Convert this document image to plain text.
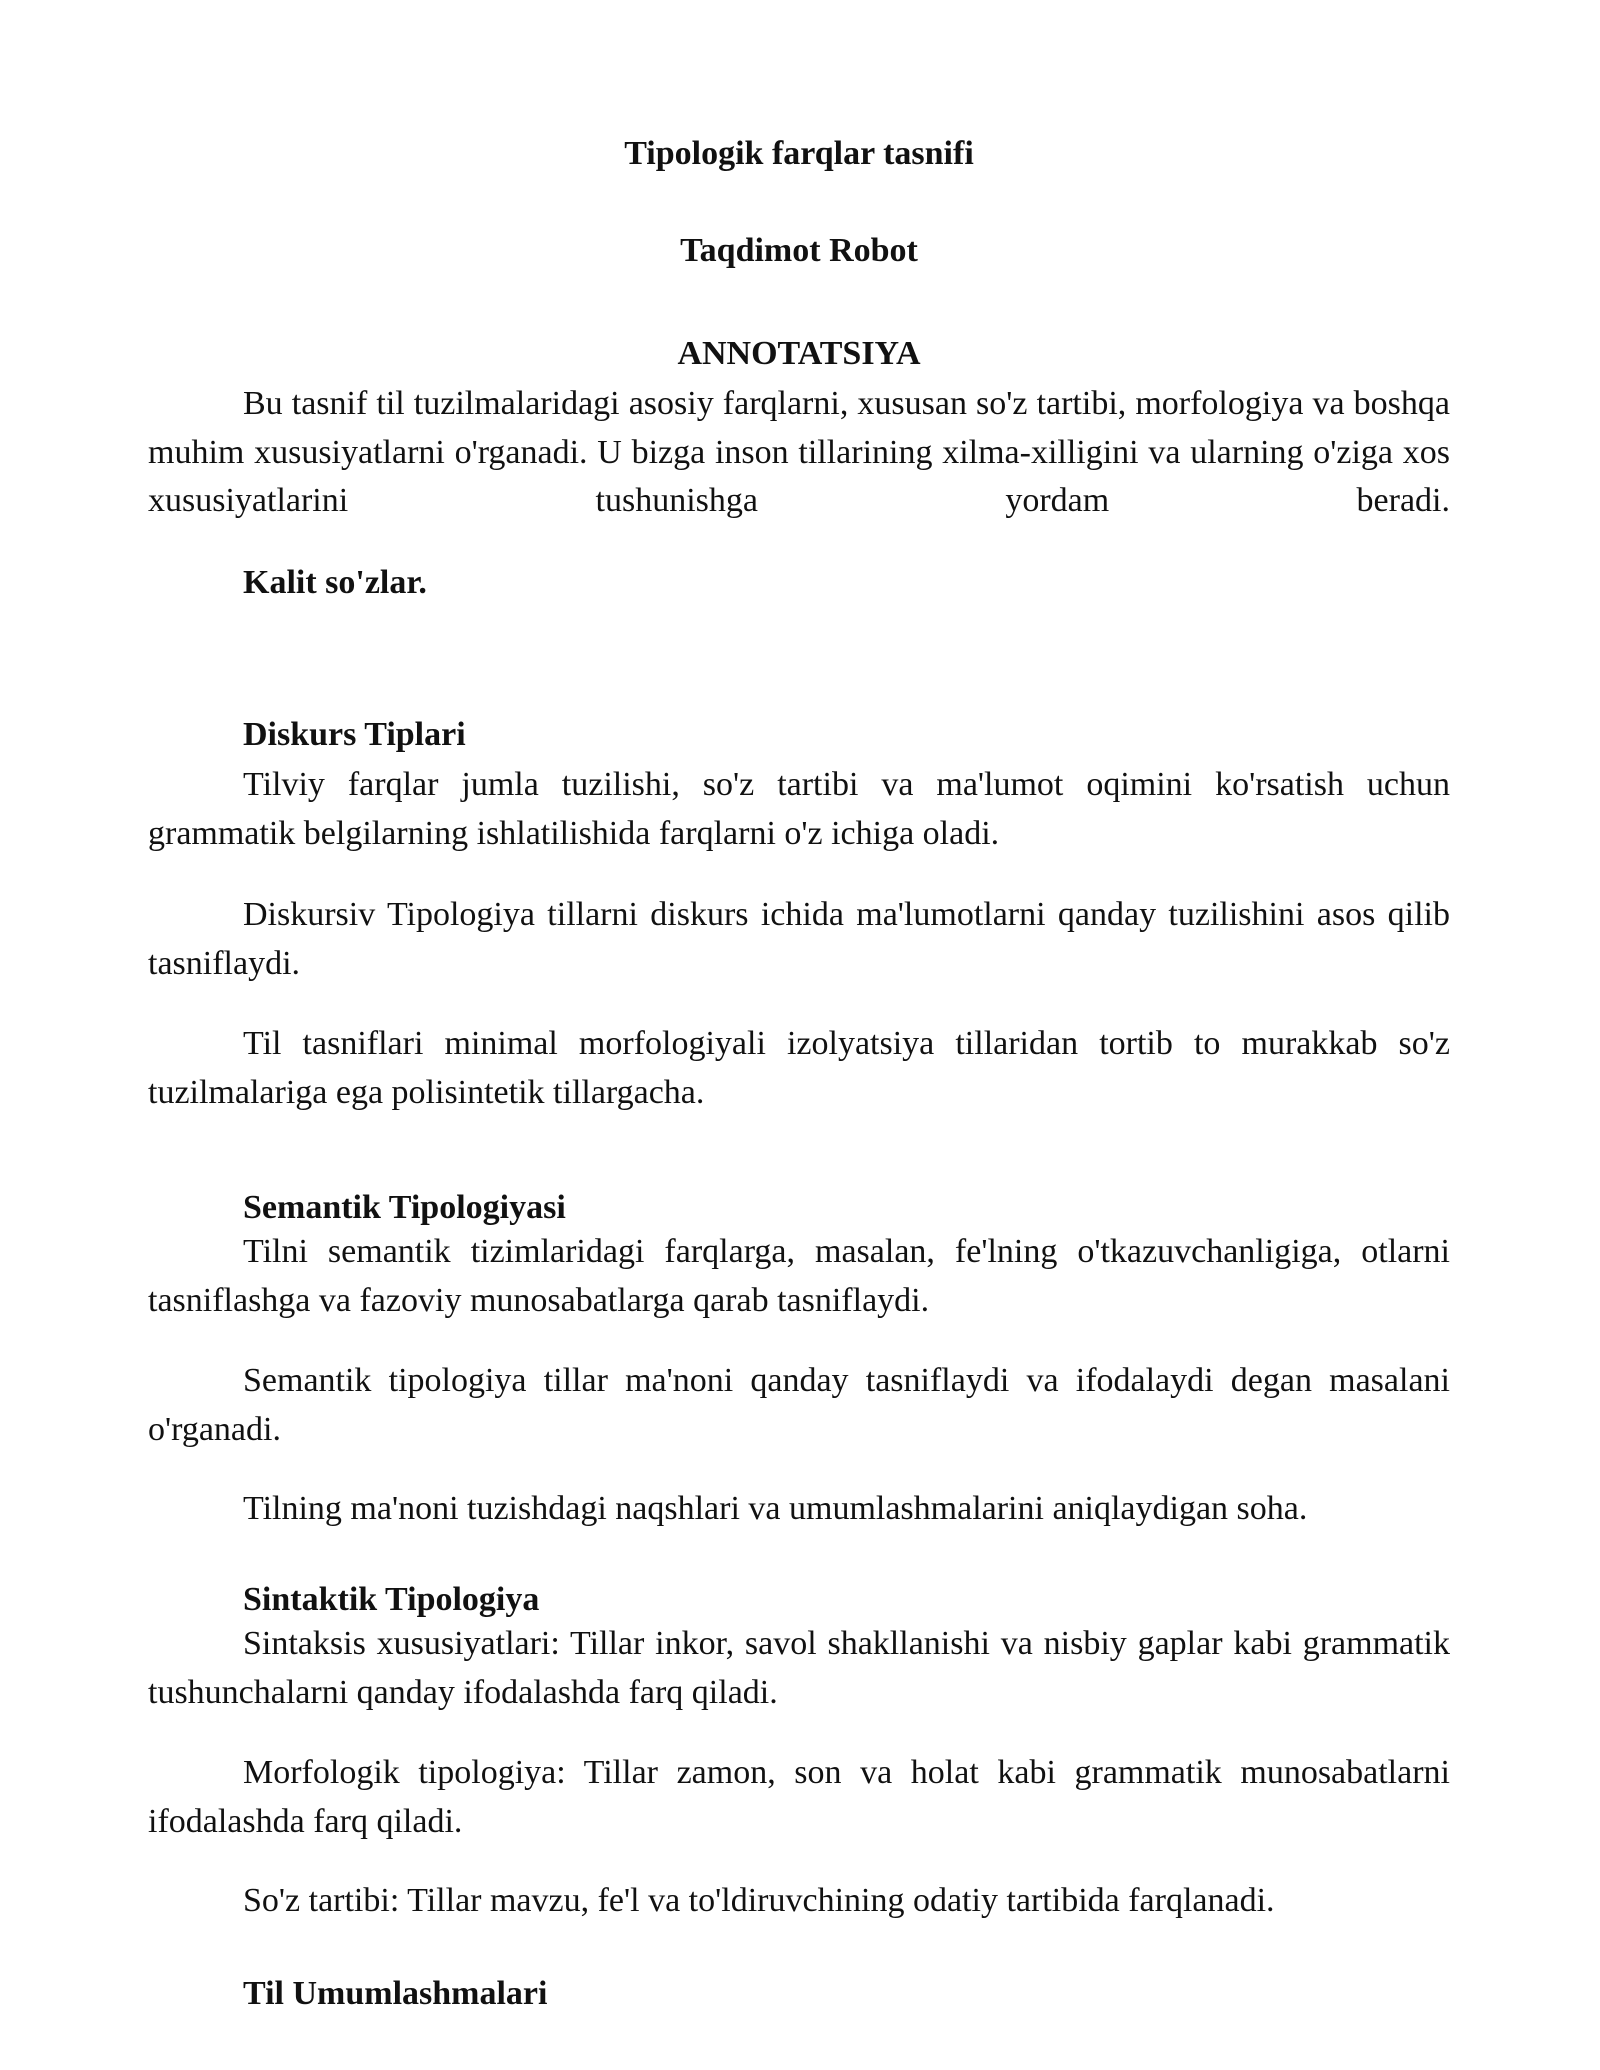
Tipologik farqlar tasnifi
Taqdimot Robot
ANNOTATSIYA

Bu tasnif til tuzilmalaridagi asosiy farqlarni, xususan so'z tartibi, morfologiya va boshqa muhim xususiyatlarni o'rganadi. U bizga inson tillarining xilma-xilligini va ularning o'ziga xos xususiyatlarini tushunishga yordam beradi.

Kalit so'zlar.
Diskurs Tiplari

Tilviy farqlar jumla tuzilishi, so'z tartibi va ma'lumot oqimini ko'rsatish uchun grammatik belgilarning ishlatilishida farqlarni o'z ichiga oladi.

Diskursiv Tipologiya tillarni diskurs ichida ma'lumotlarni qanday tuzilishini asos qilib tasniflaydi.

Til tasniflari minimal morfologiyali izolyatsiya tillaridan tortib to murakkab so'z tuzilmalariga ega polisintetik tillargacha.

Semantik Tipologiyasi

Tilni semantik tizimlaridagi farqlarga, masalan, fe'lning o'tkazuvchanligiga, otlarni tasniflashga va fazoviy munosabatlarga qarab tasniflaydi.

Semantik tipologiya tillar ma'noni qanday tasniflaydi va ifodalaydi degan masalani o'rganadi.

Tilning ma'noni tuzishdagi naqshlari va umumlashmalarini aniqlaydigan soha.

Sintaktik Tipologiya

Sintaksis xususiyatlari: Tillar inkor, savol shakllanishi va nisbiy gaplar kabi grammatik tushunchalarni qanday ifodalashda farq qiladi.

Morfologik tipologiya: Tillar zamon, son va holat kabi grammatik munosabatlarni ifodalashda farq qiladi.

So'z tartibi: Tillar mavzu, fe'l va to'ldiruvchining odatiy tartibida farqlanadi.

Til Umumlashmalari
